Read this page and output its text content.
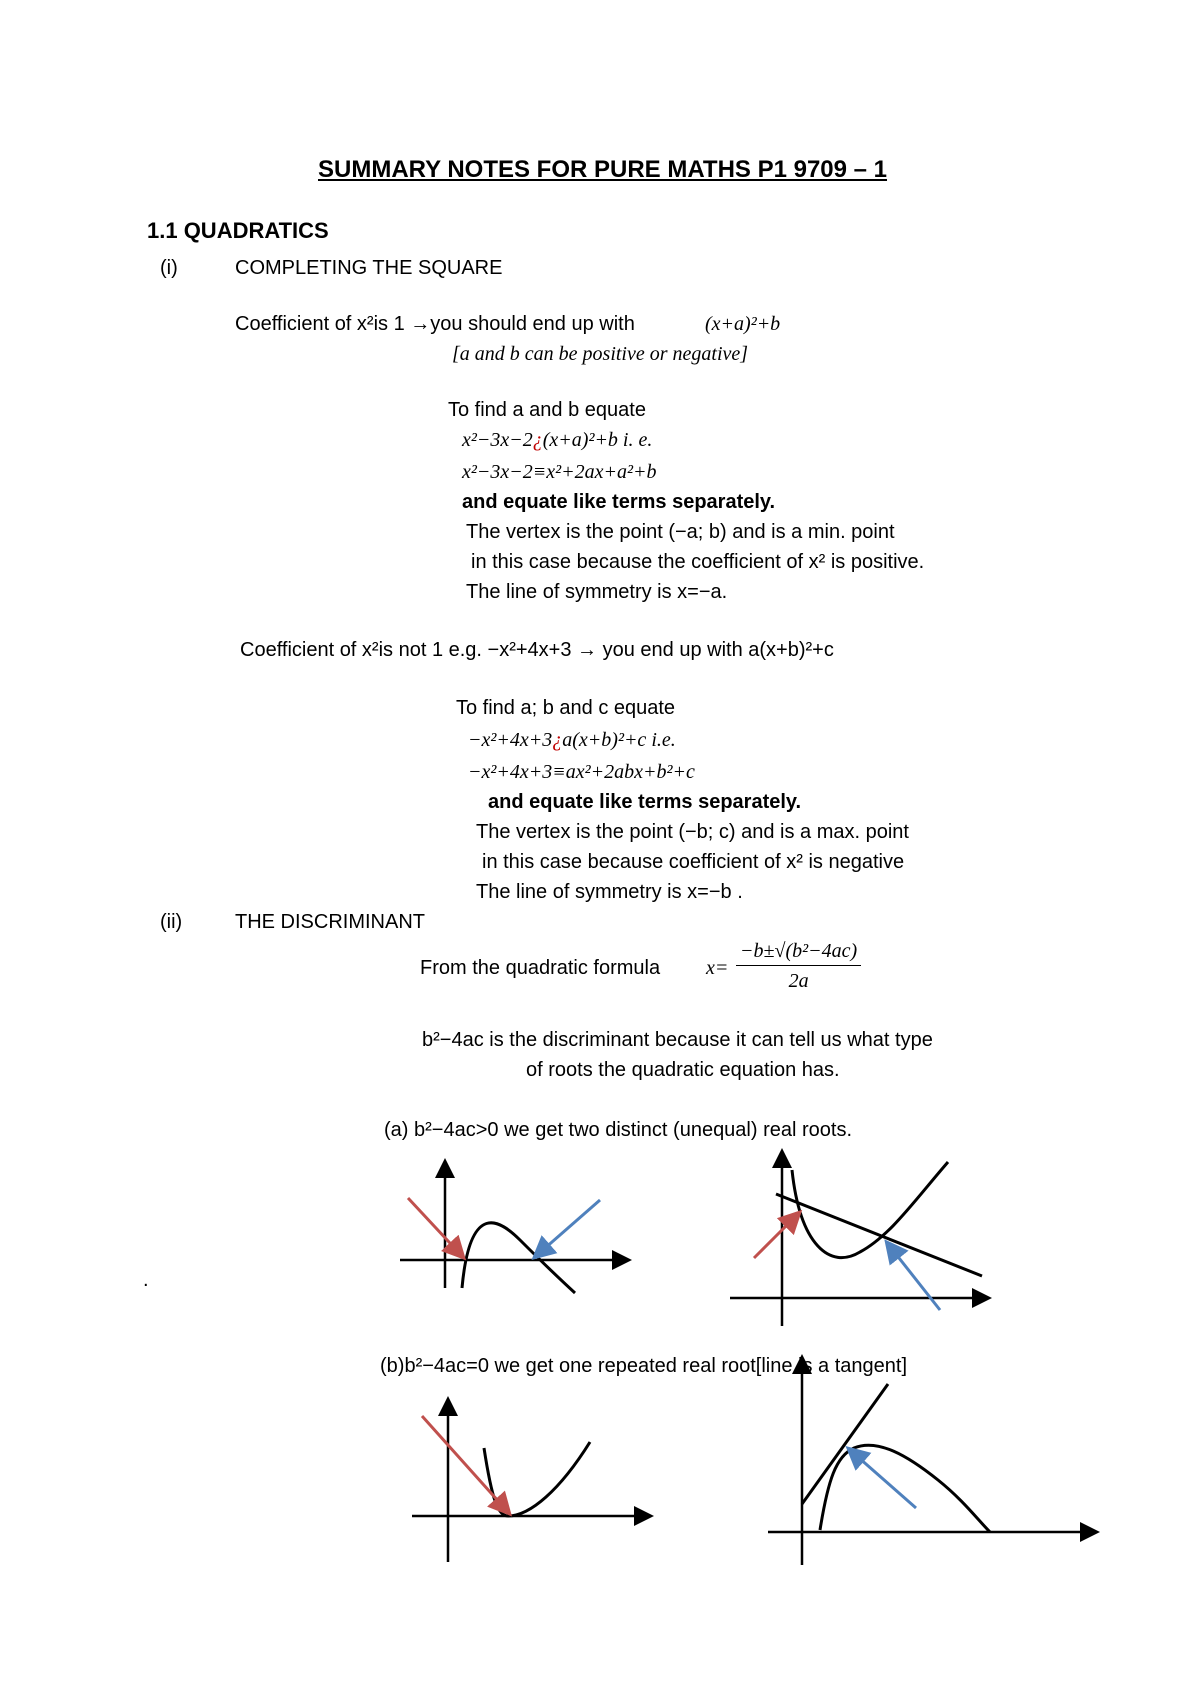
SUMMARY NOTES FOR PURE MATHS P1 9709 – 1
1.1 QUADRATICS
(i)	COMPLETING THE SQUARE
Coefficient of x²is 1 →you should end up with	(x+a)²+b
[a and b can be positive or negative]
To find a and b equate
x²−3x−2¿(x+a)²+b i. e.
x²−3x−2≡x²+2ax+a²+b
and equate like terms separately.
The vertex is the point (−a; b) and is a min. point
in this case because the coefficient of x² is positive.
The line of symmetry is x=−a.
Coefficient of x²is not 1 e.g. −x²+4x+3 → you end up with a(x+b)²+c
To find a; b and c equate
−x²+4x+3¿a(x+b)²+c i.e.
−x²+4x+3≡ax²+2abx+b²+c
and equate like terms separately.
The vertex is the point (−b; c) and is a max. point
in this case because coefficient of x² is negative
The line of symmetry is x=−b .
(ii)	THE DISCRIMINANT
From the quadratic formula $x= \frac{\text{−b±√(b²−4ac)}}{2a}$
b²−4ac is the discriminant because it can tell us what type
of roots the quadratic equation has.
(a) b²−4ac>0 we get two distinct (unequal) real roots.
.
(b)b²−4ac=0 we get one repeated real root[line is a tangent]
